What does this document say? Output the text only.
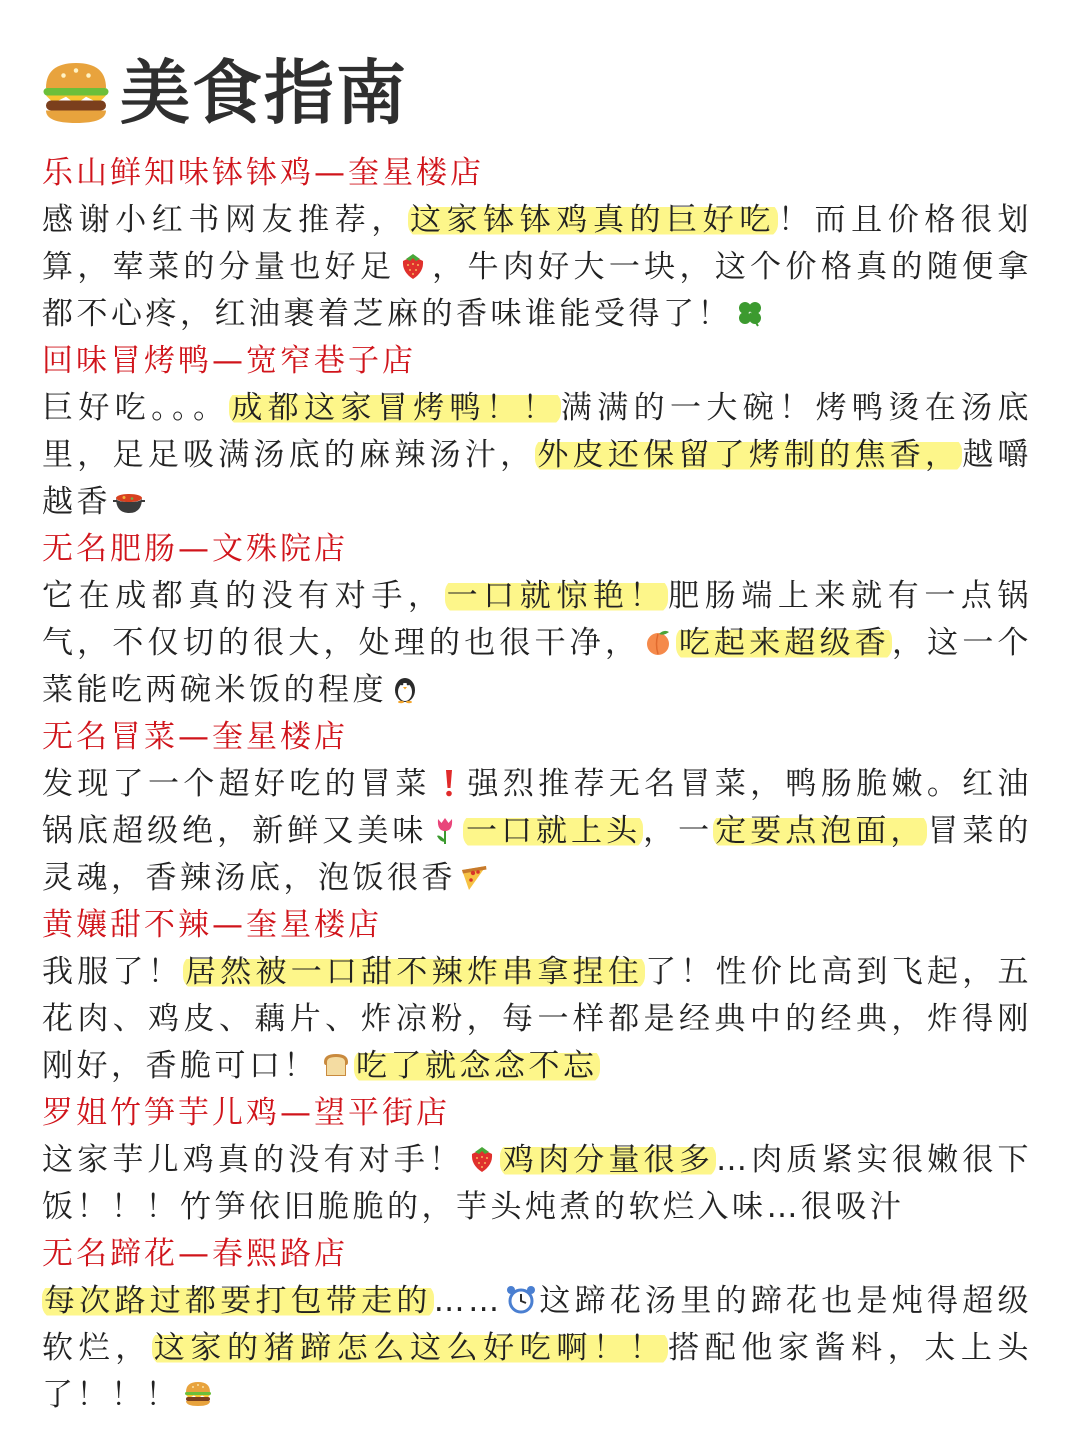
美食指南
乐山鲜知味钵钵鸡—奎星楼店
感谢小红书网友推荐，这家钵钵鸡真的巨好吃！而且价格很划算，荤菜的分量也好足 ，牛肉好大一块，这个价格真的随便拿都不心疼，红油裹着芝麻的香味谁能受得了！
回味冒烤鸭—宽窄巷子店
巨好吃。。。成都这家冒烤鸭！！满满的一大碗！烤鸭烫在汤底里，足足吸满汤底的麻辣汤汁，外皮还保留了烤制的焦香，越嚼越香
无名肥肠—文殊院店
它在成都真的没有对手，一口就惊艳！肥肠端上来就有一点锅气，不仅切的很大，处理的也很干净， 吃起来超级香，这一个菜能吃两碗米饭的程度
无名冒菜—奎星楼店
发现了一个超好吃的冒菜 强烈推荐无名冒菜，鸭肠脆嫩。红油锅底超级绝，新鲜又美味 一口就上头，一定要点泡面，冒菜的灵魂，香辣汤底，泡饭很香
黄孃甜不辣—奎星楼店
我服了！居然被一口甜不辣炸串拿捏住了！性价比高到飞起，五花肉、鸡皮、藕片、炸凉粉，每一样都是经典中的经典，炸得刚刚好，香脆可口！ 吃了就念念不忘
罗姐竹笋芋儿鸡—望平街店
这家芋儿鸡真的没有对手！ 鸡肉分量很多…肉质紧实很嫩很下饭！！！竹笋依旧脆脆的，芋头炖煮的软烂入味…很吸汁
无名蹄花—春熙路店
每次路过都要打包带走的…… 这蹄花汤里的蹄花也是炖得超级软烂，这家的猪蹄怎么这么好吃啊！！搭配他家酱料，太上头了！！！
